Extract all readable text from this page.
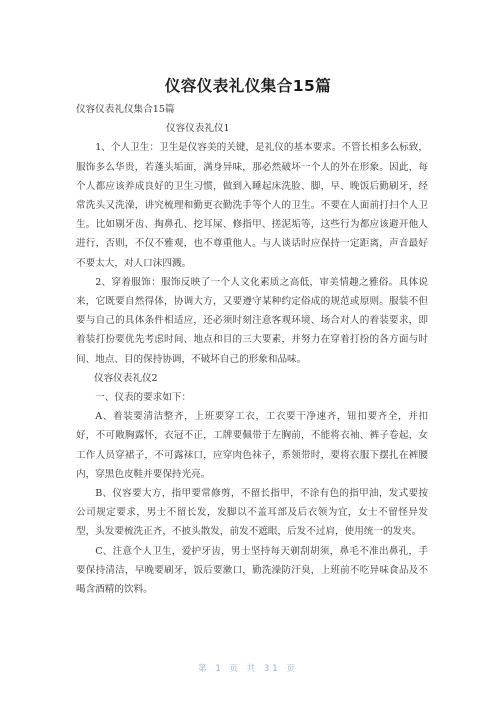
仪容仪表礼仪集合15篇

仪容仪表礼仪集合15篇

仪容仪表礼仪1

1、个人卫生：卫生是仪容美的关键，是礼仪的基本要求。不管长相多么标致，服饰多么华贵，若蓬头垢面，满身异味，那必然破坏一个人的外在形象。因此，每个人都应该养成良好的卫生习惯，做到入睡起床洗脸、脚，早、晚饭后勤刷牙，经常洗头又洗澡，讲究梳理和勤更衣勤洗手等个人的卫生。不要在人面前打扫个人卫生。比如剔牙齿、掏鼻孔、挖耳屎、修指甲、搓泥垢等，这些行为都应该避开他人进行，否则，不仅不雅观，也不尊重他人。与人谈话时应保持一定距离，声音最好不要太大，对人口沫四溅。

2、穿着服饰：服饰反映了一个人文化素质之高低，审美情趣之雅俗。具体说来，它既要自然得体，协调大方，又要遵守某种约定俗成的规范或原则。服装不但要与自己的具体条件相适应，还必须时刻注意客观环境、场合对人的着装要求，即着装打扮要优先考虑时间、地点和目的三大要素，并努力在穿着打扮的各方面与时间、地点、目的保持协调，不破坏自己的形象和品味。

仪容仪表礼仪2

一、仪表的要求如下：

A、着装要清洁整齐，上班要穿工衣，工衣要干净速齐，钮扣要齐全，并扣好，不可敞胸露怀，衣冠不正，工牌要佩带于左胸前，不能将衣袖、裤子卷起，女工作人员穿裙子，不可露袜口，应穿肉色袜子，系领带时，要将衣服下摆扎在裤腰内，穿黑色皮鞋并要保持光亮。

B、仪容要大方，指甲要常修剪，不留长指甲，不涂有色的指甲油，发式要按公司规定要求，男士不留长发，发脚以不盖耳部及后衣领为宜，女士不留怪异发型，头发要梳洗正齐，不披头散发，前发不遮眼，后发不过肩，使用统一的发夹。

C、注意个人卫生，爱护牙齿，男士坚持每天剃刮胡须，鼻毛不准出鼻孔，手要保持清洁，早晚要刷牙，饭后要漱口，勤洗澡防汗臭，上班前不吃异味食品及不喝含酒精的饮料。

第 1 页 共 31 页
